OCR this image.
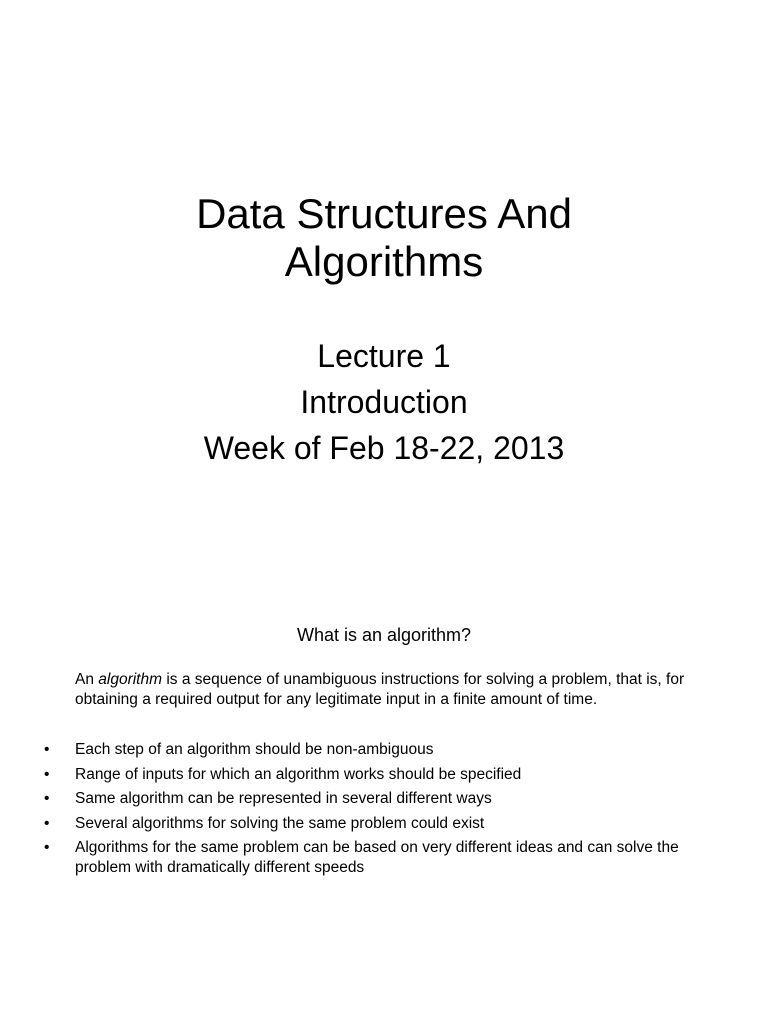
Data Structures And
Algorithms
Lecture 1
Introduction
Week of Feb 18-22, 2013
What is an algorithm?

An algorithm is a sequence of unambiguous instructions for solving a problem, that is, for obtaining a required output for any legitimate input in a finite amount of time.

• Each step of an algorithm should be non-ambiguous
• Range of inputs for which an algorithm works should be specified
• Same algorithm can be represented in several different ways
• Several algorithms for solving the same problem could exist
• Algorithms for the same problem can be based on very different ideas and can solve the problem with dramatically different speeds
